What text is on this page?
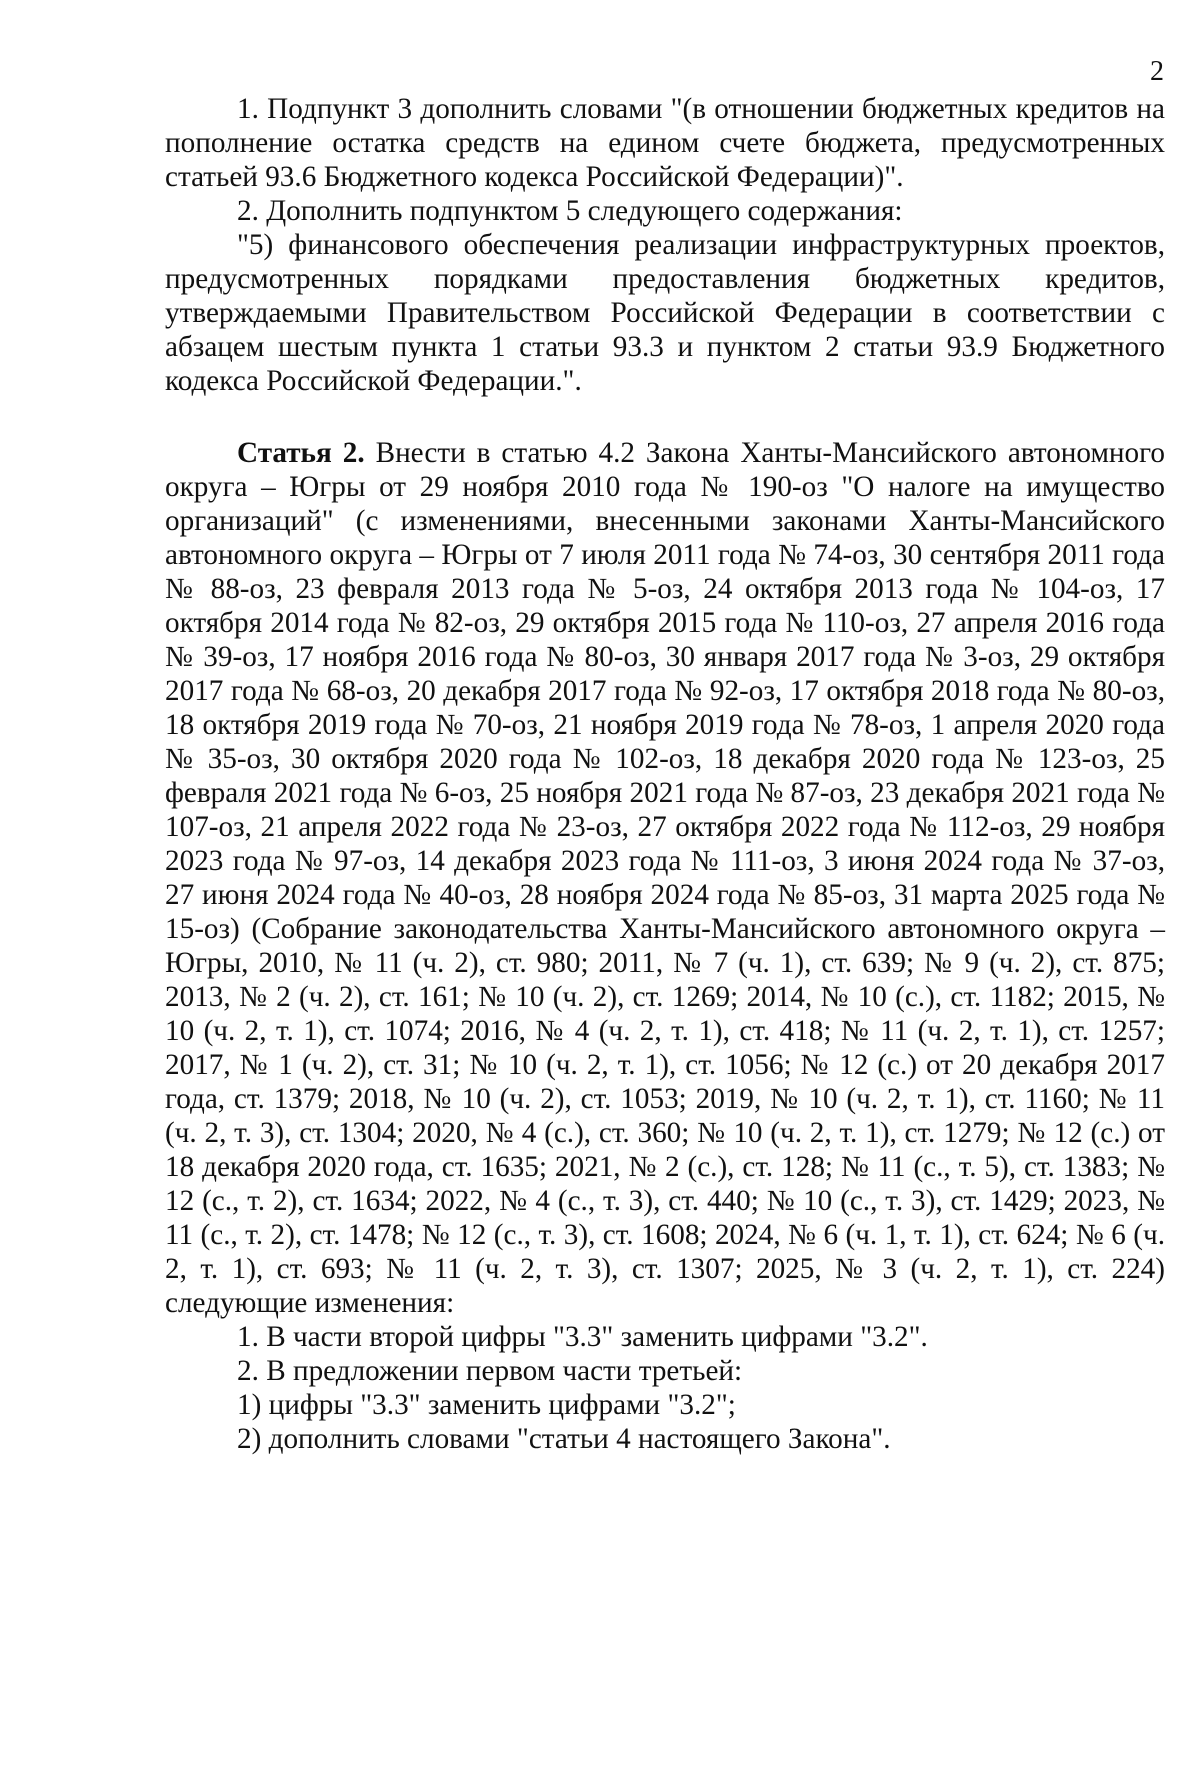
2

1. Подпункт 3 дополнить словами "(в отношении бюджетных кредитов на пополнение остатка средств на едином счете бюджета, предусмотренных статьей 93.6 Бюджетного кодекса Российской Федерации)".

2. Дополнить подпунктом 5 следующего содержания:

"5) финансового обеспечения реализации инфраструктурных проектов, предусмотренных порядками предоставления бюджетных кредитов, утверждаемыми Правительством Российской Федерации в соответствии с абзацем шестым пункта 1 статьи 93.3 и пунктом 2 статьи 93.9 Бюджетного кодекса Российской Федерации.".

Статья 2. Внести в статью 4.2 Закона Ханты-Мансийского автономного округа – Югры от 29 ноября 2010 года № 190-оз "О налоге на имущество организаций" (с изменениями, внесенными законами Ханты-Мансийского автономного округа – Югры от 7 июля 2011 года № 74-оз, 30 сентября 2011 года № 88-оз, 23 февраля 2013 года № 5-оз, 24 октября 2013 года № 104-оз, 17 октября 2014 года № 82-оз, 29 октября 2015 года № 110-оз, 27 апреля 2016 года № 39-оз, 17 ноября 2016 года № 80-оз, 30 января 2017 года № 3-оз, 29 октября 2017 года № 68-оз, 20 декабря 2017 года № 92-оз, 17 октября 2018 года № 80-оз, 18 октября 2019 года № 70-оз, 21 ноября 2019 года № 78-оз, 1 апреля 2020 года № 35-оз, 30 октября 2020 года № 102-оз, 18 декабря 2020 года № 123-оз, 25 февраля 2021 года № 6-оз, 25 ноября 2021 года № 87-оз, 23 декабря 2021 года № 107-оз, 21 апреля 2022 года № 23-оз, 27 октября 2022 года № 112-оз, 29 ноября 2023 года № 97-оз, 14 декабря 2023 года № 111-оз, 3 июня 2024 года № 37-оз, 27 июня 2024 года № 40-оз, 28 ноября 2024 года № 85-оз, 31 марта 2025 года № 15-оз) (Собрание законодательства Ханты-Мансийского автономного округа – Югры, 2010, № 11 (ч. 2), ст. 980; 2011, № 7 (ч. 1), ст. 639; № 9 (ч. 2), ст. 875; 2013, № 2 (ч. 2), ст. 161; № 10 (ч. 2), ст. 1269; 2014, № 10 (с.), ст. 1182; 2015, № 10 (ч. 2, т. 1), ст. 1074; 2016, № 4 (ч. 2, т. 1), ст. 418; № 11 (ч. 2, т. 1), ст. 1257; 2017, № 1 (ч. 2), ст. 31; № 10 (ч. 2, т. 1), ст. 1056; № 12 (с.) от 20 декабря 2017 года, ст. 1379; 2018, № 10 (ч. 2), ст. 1053; 2019, № 10 (ч. 2, т. 1), ст. 1160; № 11 (ч. 2, т. 3), ст. 1304; 2020, № 4 (с.), ст. 360; № 10 (ч. 2, т. 1), ст. 1279; № 12 (с.) от 18 декабря 2020 года, ст. 1635; 2021, № 2 (с.), ст. 128; № 11 (с., т. 5), ст. 1383; № 12 (с., т. 2), ст. 1634; 2022, № 4 (с., т. 3), ст. 440; № 10 (с., т. 3), ст. 1429; 2023, № 11 (с., т. 2), ст. 1478; № 12 (с., т. 3), ст. 1608; 2024, № 6 (ч. 1, т. 1), ст. 624; № 6 (ч. 2, т. 1), ст. 693; № 11 (ч. 2, т. 3), ст. 1307; 2025, № 3 (ч. 2, т. 1), ст. 224) следующие изменения:

1. В части второй цифры "3.3" заменить цифрами "3.2".

2. В предложении первом части третьей:

1) цифры "3.3" заменить цифрами "3.2";

2) дополнить словами "статьи 4 настоящего Закона".
